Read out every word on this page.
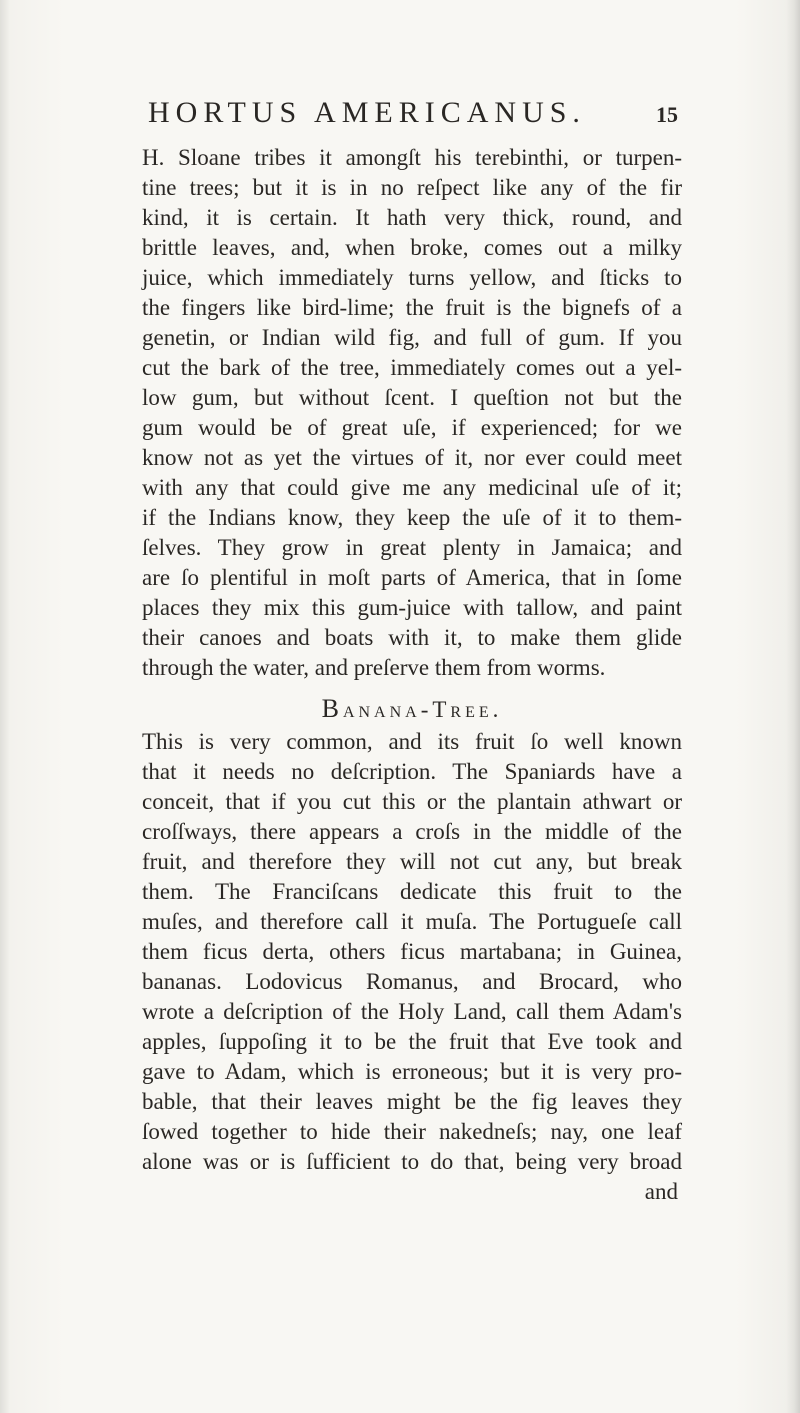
HORTUS AMERICANUS.	15
H. Sloane tribes it amongſt his terebinthi, or turpen-
tine trees; but it is in no reſpect like any of the fir
kind, it is certain. It hath very thick, round, and
brittle leaves, and, when broke, comes out a milky
juice, which immediately turns yellow, and ſticks to
the fingers like bird-lime; the fruit is the bignefs of a
genetin, or Indian wild fig, and full of gum. If you
cut the bark of the tree, immediately comes out a yel-
low gum, but without ſcent. I queſtion not but the
gum would be of great uſe, if experienced; for we
know not as yet the virtues of it, nor ever could meet
with any that could give me any medicinal uſe of it;
if the Indians know, they keep the uſe of it to them-
ſelves. They grow in great plenty in Jamaica; and
are ſo plentiful in moſt parts of America, that in ſome
places they mix this gum-juice with tallow, and paint
their canoes and boats with it, to make them glide
through the water, and preſerve them from worms.
Banana-Tree.
This is very common, and its fruit ſo well known
that it needs no deſcription. The Spaniards have a
conceit, that if you cut this or the plantain athwart or
croſſways, there appears a croſs in the middle of the
fruit, and therefore they will not cut any, but break
them. The Franciſcans dedicate this fruit to the
muſes, and therefore call it muſa. The Portugueſe call
them ficus derta, others ficus martabana; in Guinea,
bananas. Lodovicus Romanus, and Brocard, who
wrote a deſcription of the Holy Land, call them Adam's
apples, ſuppoſing it to be the fruit that Eve took and
gave to Adam, which is erroneous; but it is very pro-
bable, that their leaves might be the fig leaves they
ſowed together to hide their nakedneſs; nay, one leaf
alone was or is ſufficient to do that, being very broad
and
